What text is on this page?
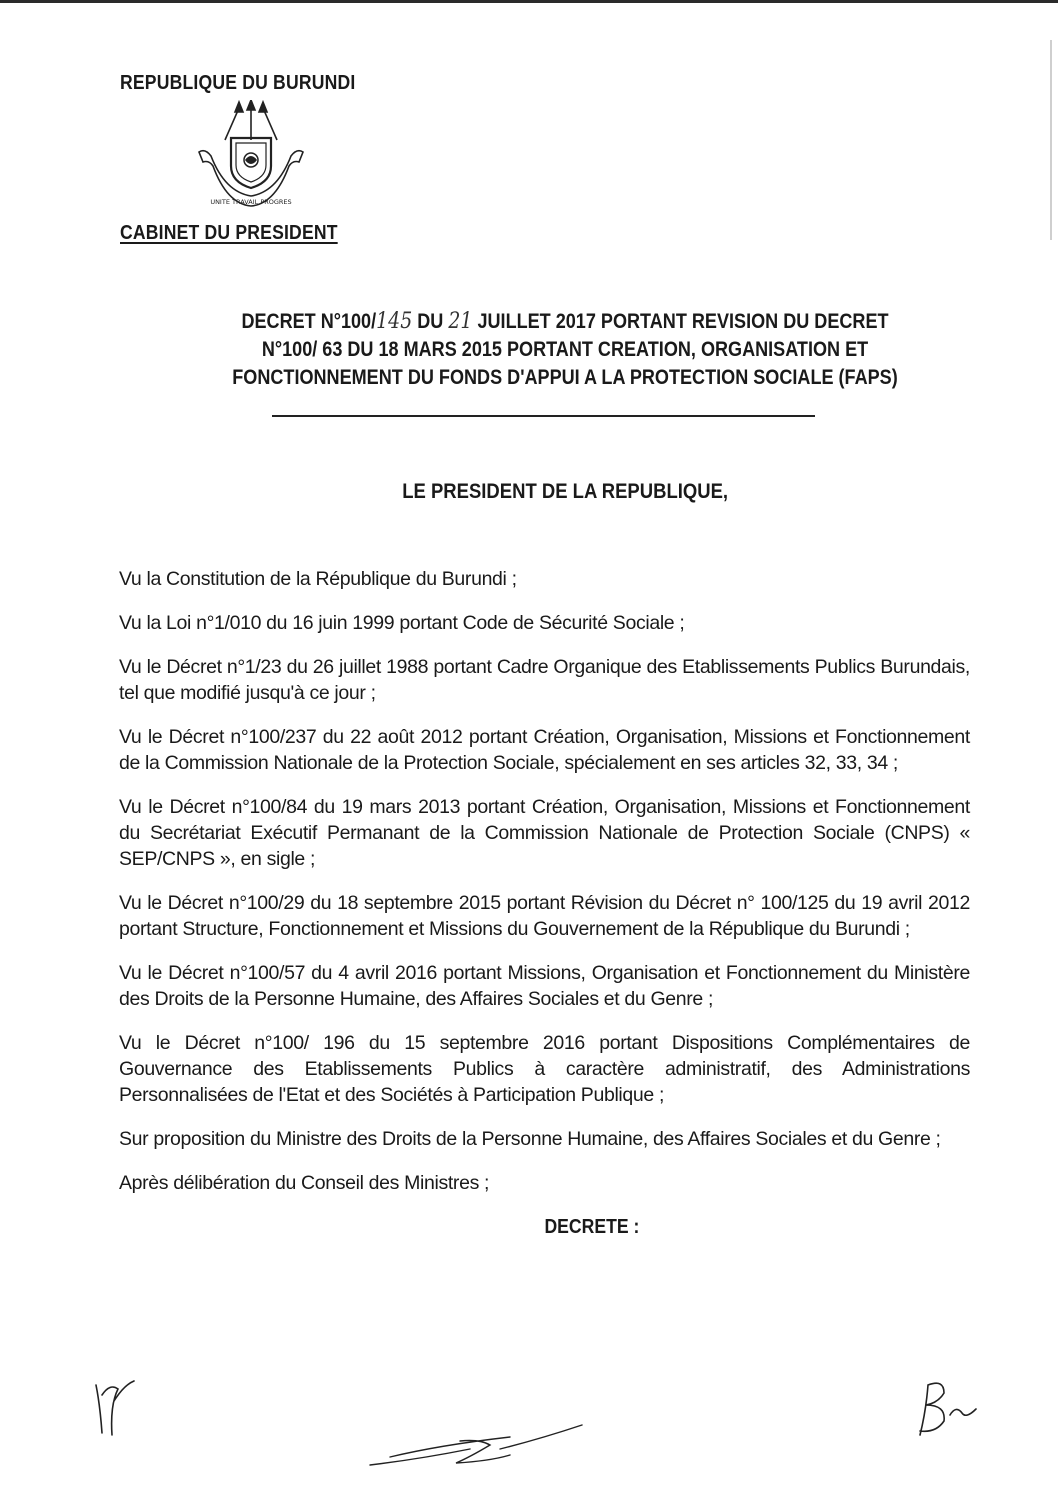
REPUBLIQUE DU BURUNDI
UNITE TRAVAIL PROGRES
CABINET DU PRESIDENT
DECRET N°100/145 DU 21 JUILLET 2017 PORTANT REVISION DU DECRET
N°100/ 63 DU 18 MARS 2015 PORTANT CREATION, ORGANISATION ET
FONCTIONNEMENT DU FONDS D'APPUI A LA PROTECTION SOCIALE (FAPS)
LE PRESIDENT DE LA REPUBLIQUE,

Vu la Constitution de la République du Burundi ;

Vu la Loi n°1/010 du 16 juin 1999 portant Code de Sécurité Sociale ;

Vu le Décret n°1/23 du 26 juillet 1988 portant Cadre Organique des Etablissements Publics Burundais, tel que modifié jusqu'à ce jour ;

Vu le Décret n°100/237 du 22 août 2012 portant Création, Organisation, Missions et Fonctionnement de la Commission Nationale de la Protection Sociale, spécialement en ses articles 32, 33, 34 ;

Vu le Décret n°100/84 du 19 mars 2013 portant Création, Organisation, Missions et Fonctionnement du Secrétariat Exécutif Permanant de la Commission Nationale de Protection Sociale (CNPS) « SEP/CNPS », en sigle ;

Vu le Décret n°100/29 du 18 septembre 2015 portant Révision du Décret n° 100/125 du 19 avril 2012 portant Structure, Fonctionnement et Missions du Gouvernement de la République du Burundi ;

Vu le Décret n°100/57 du 4 avril 2016 portant Missions, Organisation et Fonctionnement du Ministère des Droits de la Personne Humaine, des Affaires Sociales et du Genre ;

Vu le Décret n°100/ 196 du 15 septembre 2016 portant Dispositions Complémentaires de Gouvernance des Etablissements Publics à caractère administratif, des Administrations Personnalisées de l'Etat et des Sociétés à Participation Publique ;

Sur proposition du Ministre des Droits de la Personne Humaine, des Affaires Sociales et du Genre ;

Après délibération du Conseil des Ministres ;

DECRETE :
